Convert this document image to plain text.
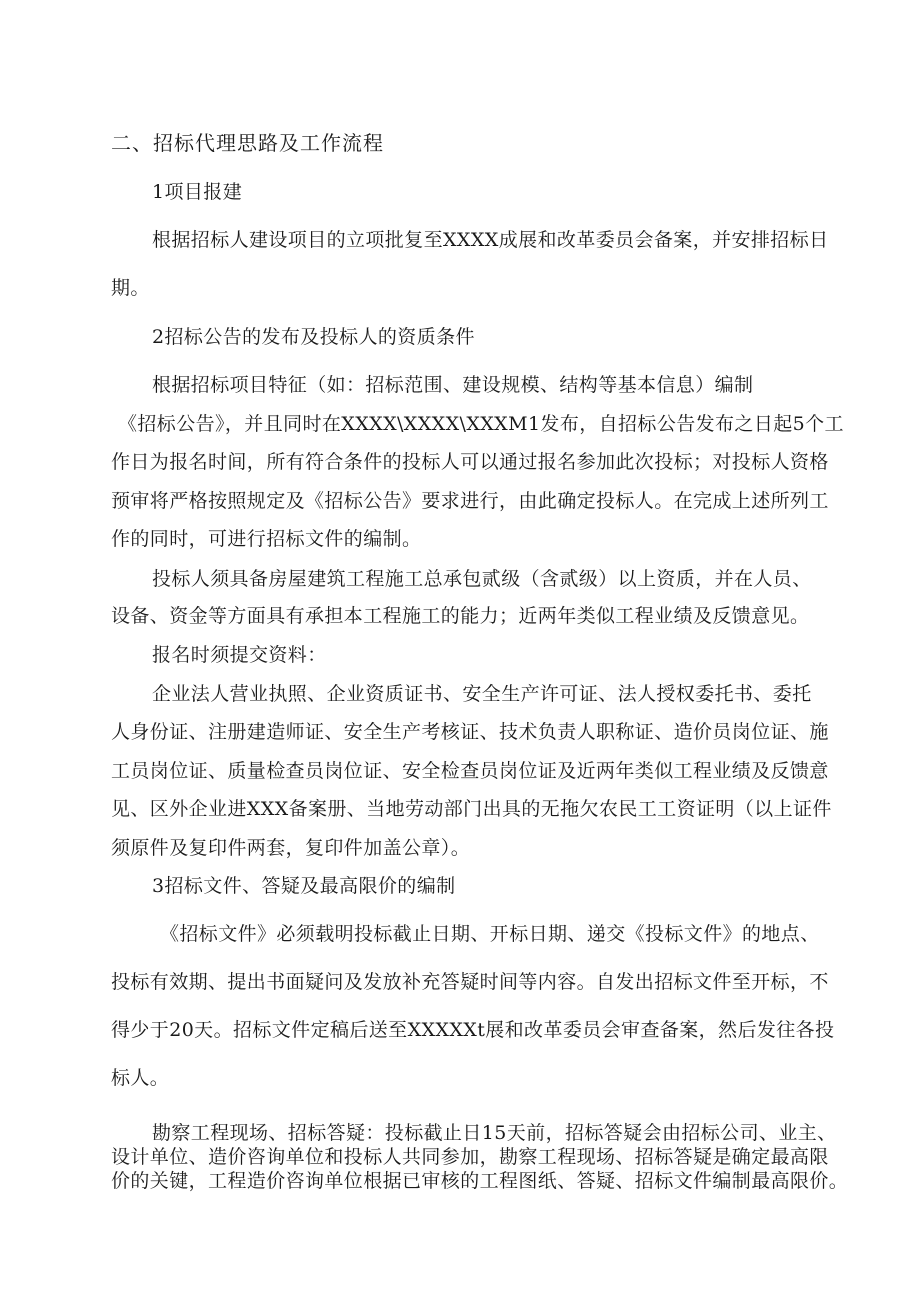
二、招标代理思路及工作流程
1项目报建
根据招标人建设项目的立项批复至XXXX成展和改革委员会备案，并安排招标日
期。
2招标公告的发布及投标人的资质条件
根据招标项目特征（如：招标范围、建设规模、结构等基本信息）编制
《招标公告》，并且同时在XXXX\XXXX\XXXM1发布，自招标公告发布之日起5个工
作日为报名时间，所有符合条件的投标人可以通过报名参加此次投标；对投标人资格
预审将严格按照规定及《招标公告》要求进行，由此确定投标人。在完成上述所列工
作的同时，可进行招标文件的编制。
投标人须具备房屋建筑工程施工总承包贰级（含贰级）以上资质，并在人员、
设备、资金等方面具有承担本工程施工的能力；近两年类似工程业绩及反馈意见。
报名时须提交资料：
企业法人营业执照、企业资质证书、安全生产许可证、法人授权委托书、委托
人身份证、注册建造师证、安全生产考核证、技术负责人职称证、造价员岗位证、施
工员岗位证、质量检查员岗位证、安全检查员岗位证及近两年类似工程业绩及反馈意
见、区外企业进XXX备案册、当地劳动部门出具的无拖欠农民工工资证明（以上证件
须原件及复印件两套，复印件加盖公章）。
3招标文件、答疑及最高限价的编制
《招标文件》必须载明投标截止日期、开标日期、递交《投标文件》的地点、
投标有效期、提出书面疑问及发放补充答疑时间等内容。自发出招标文件至开标，不
得少于20天。招标文件定稿后送至XXXXXt展和改革委员会审查备案，然后发往各投
标人。
勘察工程现场、招标答疑：投标截止日15天前，招标答疑会由招标公司、业主、
设计单位、造价咨询单位和投标人共同参加，勘察工程现场、招标答疑是确定最高限
价的关键，工程造价咨询单位根据已审核的工程图纸、答疑、招标文件编制最高限价。
